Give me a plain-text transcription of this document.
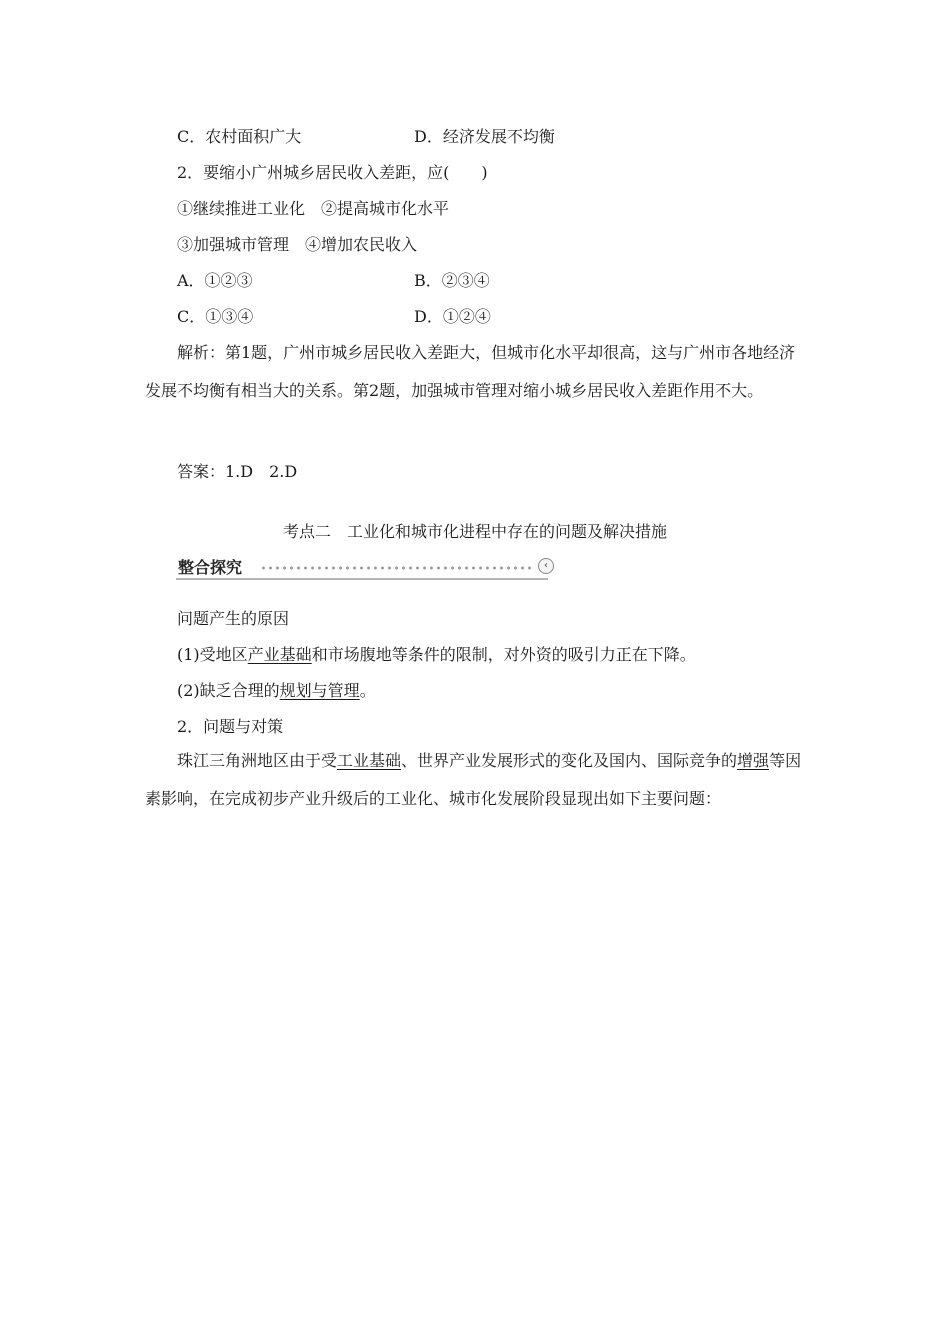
C．农村面积广大	D．经济发展不均衡
2．要缩小广州城乡居民收入差距，应(　　)
①继续推进工业化　②提高城市化水平
③加强城市管理　④增加农民收入
A．①②③	B．②③④
C．①③④	D．①②④
解析：第1题，广州市城乡居民收入差距大，但城市化水平却很高，这与广州市各地经济发展不均衡有相当大的关系。第2题，加强城市管理对缩小城乡居民收入差距作用不大。
答案：1.D　2.D
考点二　工业化和城市化进程中存在的问题及解决措施
整合探究	‹
问题产生的原因
(1)受地区产业基础和市场腹地等条件的限制，对外资的吸引力正在下降。
(2)缺乏合理的规划与管理。
2．问题与对策
珠江三角洲地区由于受工业基础、世界产业发展形式的变化及国内、国际竞争的增强等因素影响，在完成初步产业升级后的工业化、城市化发展阶段显现出如下主要问题：
